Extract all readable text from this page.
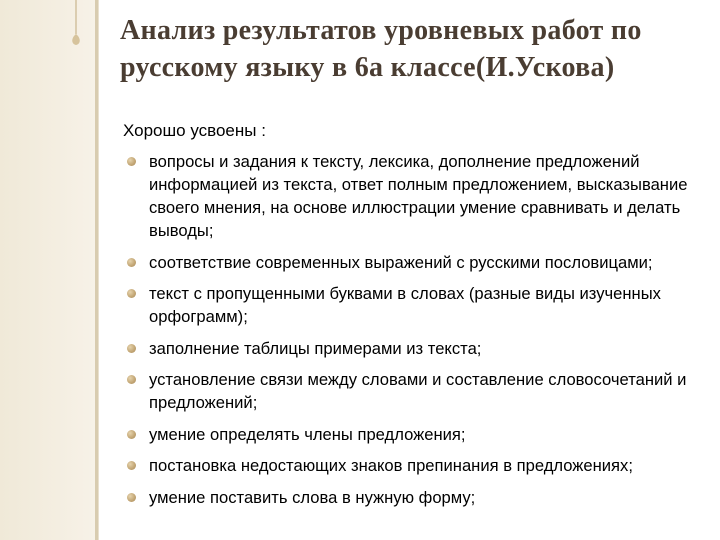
Анализ результатов уровневых работ по русскому языку в 6а классе(И.Ускова)

Хорошо усвоены :

вопросы и задания к тексту, лексика, дополнение предложений информацией из текста, ответ полным предложением, высказывание своего мнения, на основе иллюстрации умение сравнивать и делать выводы;
соответствие современных выражений с русскими пословицами;
текст с пропущенными буквами в словах (разные виды изученных орфограмм);
заполнение таблицы примерами из текста;
установление связи между словами и составление словосочетаний и предложений;
умение определять члены предложения;
постановка недостающих знаков препинания в предложениях;
умение поставить слова в нужную форму;
